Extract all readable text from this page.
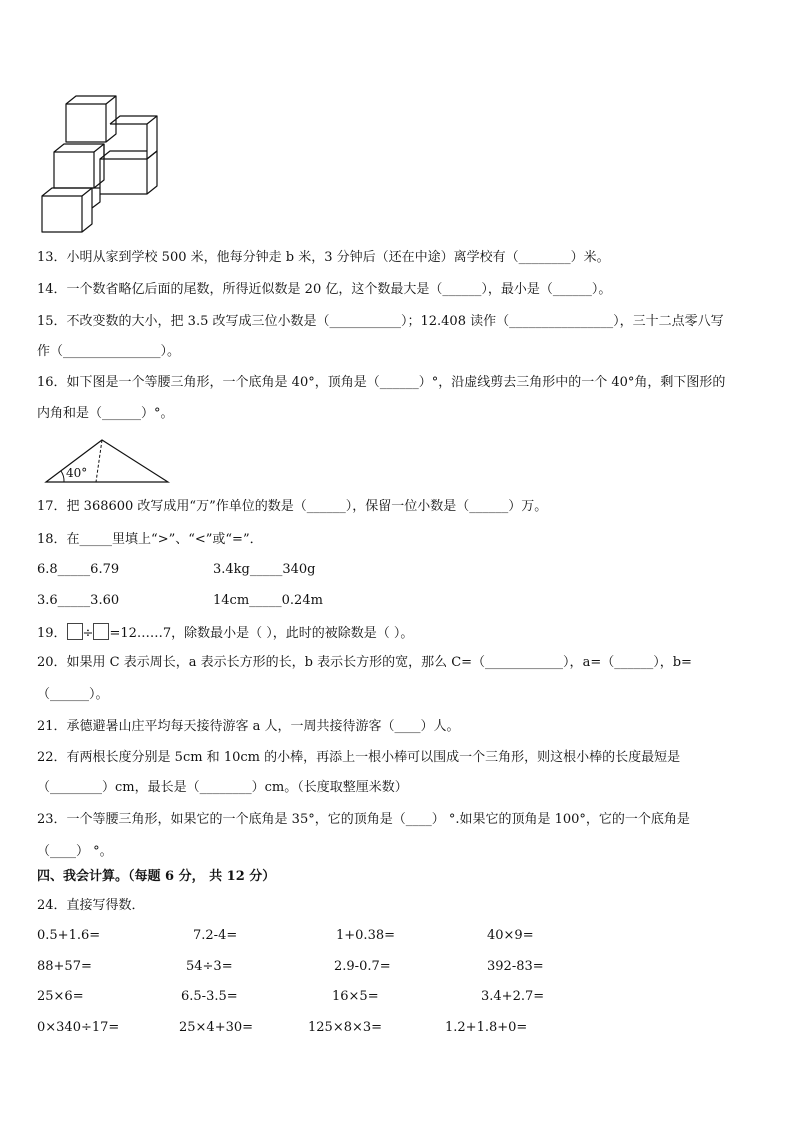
13．小明从家到学校 500 米，他每分钟走 b 米，3 分钟后（还在中途）离学校有（________）米。
14．一个数省略亿后面的尾数，所得近似数是 20 亿，这个数最大是（______），最小是（______）。
15．不改变数的大小，把 3.5 改写成三位小数是（___________）；12.408 读作（________________），三十二点零八写
作（_______________）。
16．如下图是一个等腰三角形，一个底角是 40°，顶角是（______）°，沿虚线剪去三角形中的一个 40°角，剩下图形的
内角和是（______）°。
40°
17．把 368600 改写成用“万”作单位的数是（______），保留一位小数是（______）万。
18．在_____里填上“>”、“<”或“=”．
6.8_____6.79	3.4kg_____340g
3.6_____3.60	14cm_____0.24m
19． ÷ =12……7，除数最小是（ ），此时的被除数是（ ）。
20．如果用 C 表示周长，a 表示长方形的长，b 表示长方形的宽，那么 C=（____________），a=（______），b=
（______）。
21．承德避暑山庄平均每天接待游客 a 人，一周共接待游客（____）人。
22．有两根长度分别是 5cm 和 10cm 的小棒，再添上一根小棒可以围成一个三角形，则这根小棒的长度最短是
（________）cm，最长是（________）cm。（长度取整厘米数）
23．一个等腰三角形，如果它的一个底角是 35°，它的顶角是（____） °.如果它的顶角是 100°，它的一个底角是
（____） °。
四、我会计算。（每题 6 分， 共 12 分）
24．直接写得数．
0.5+1.6=	7.2-4=	1+0.38=	40×9=
88+57=	54÷3=	2.9-0.7=	392-83=
25×6=	6.5-3.5=	16×5=	3.4+2.7=
0×340÷17=	25×4+30=	125×8×3=	1.2+1.8+0=
